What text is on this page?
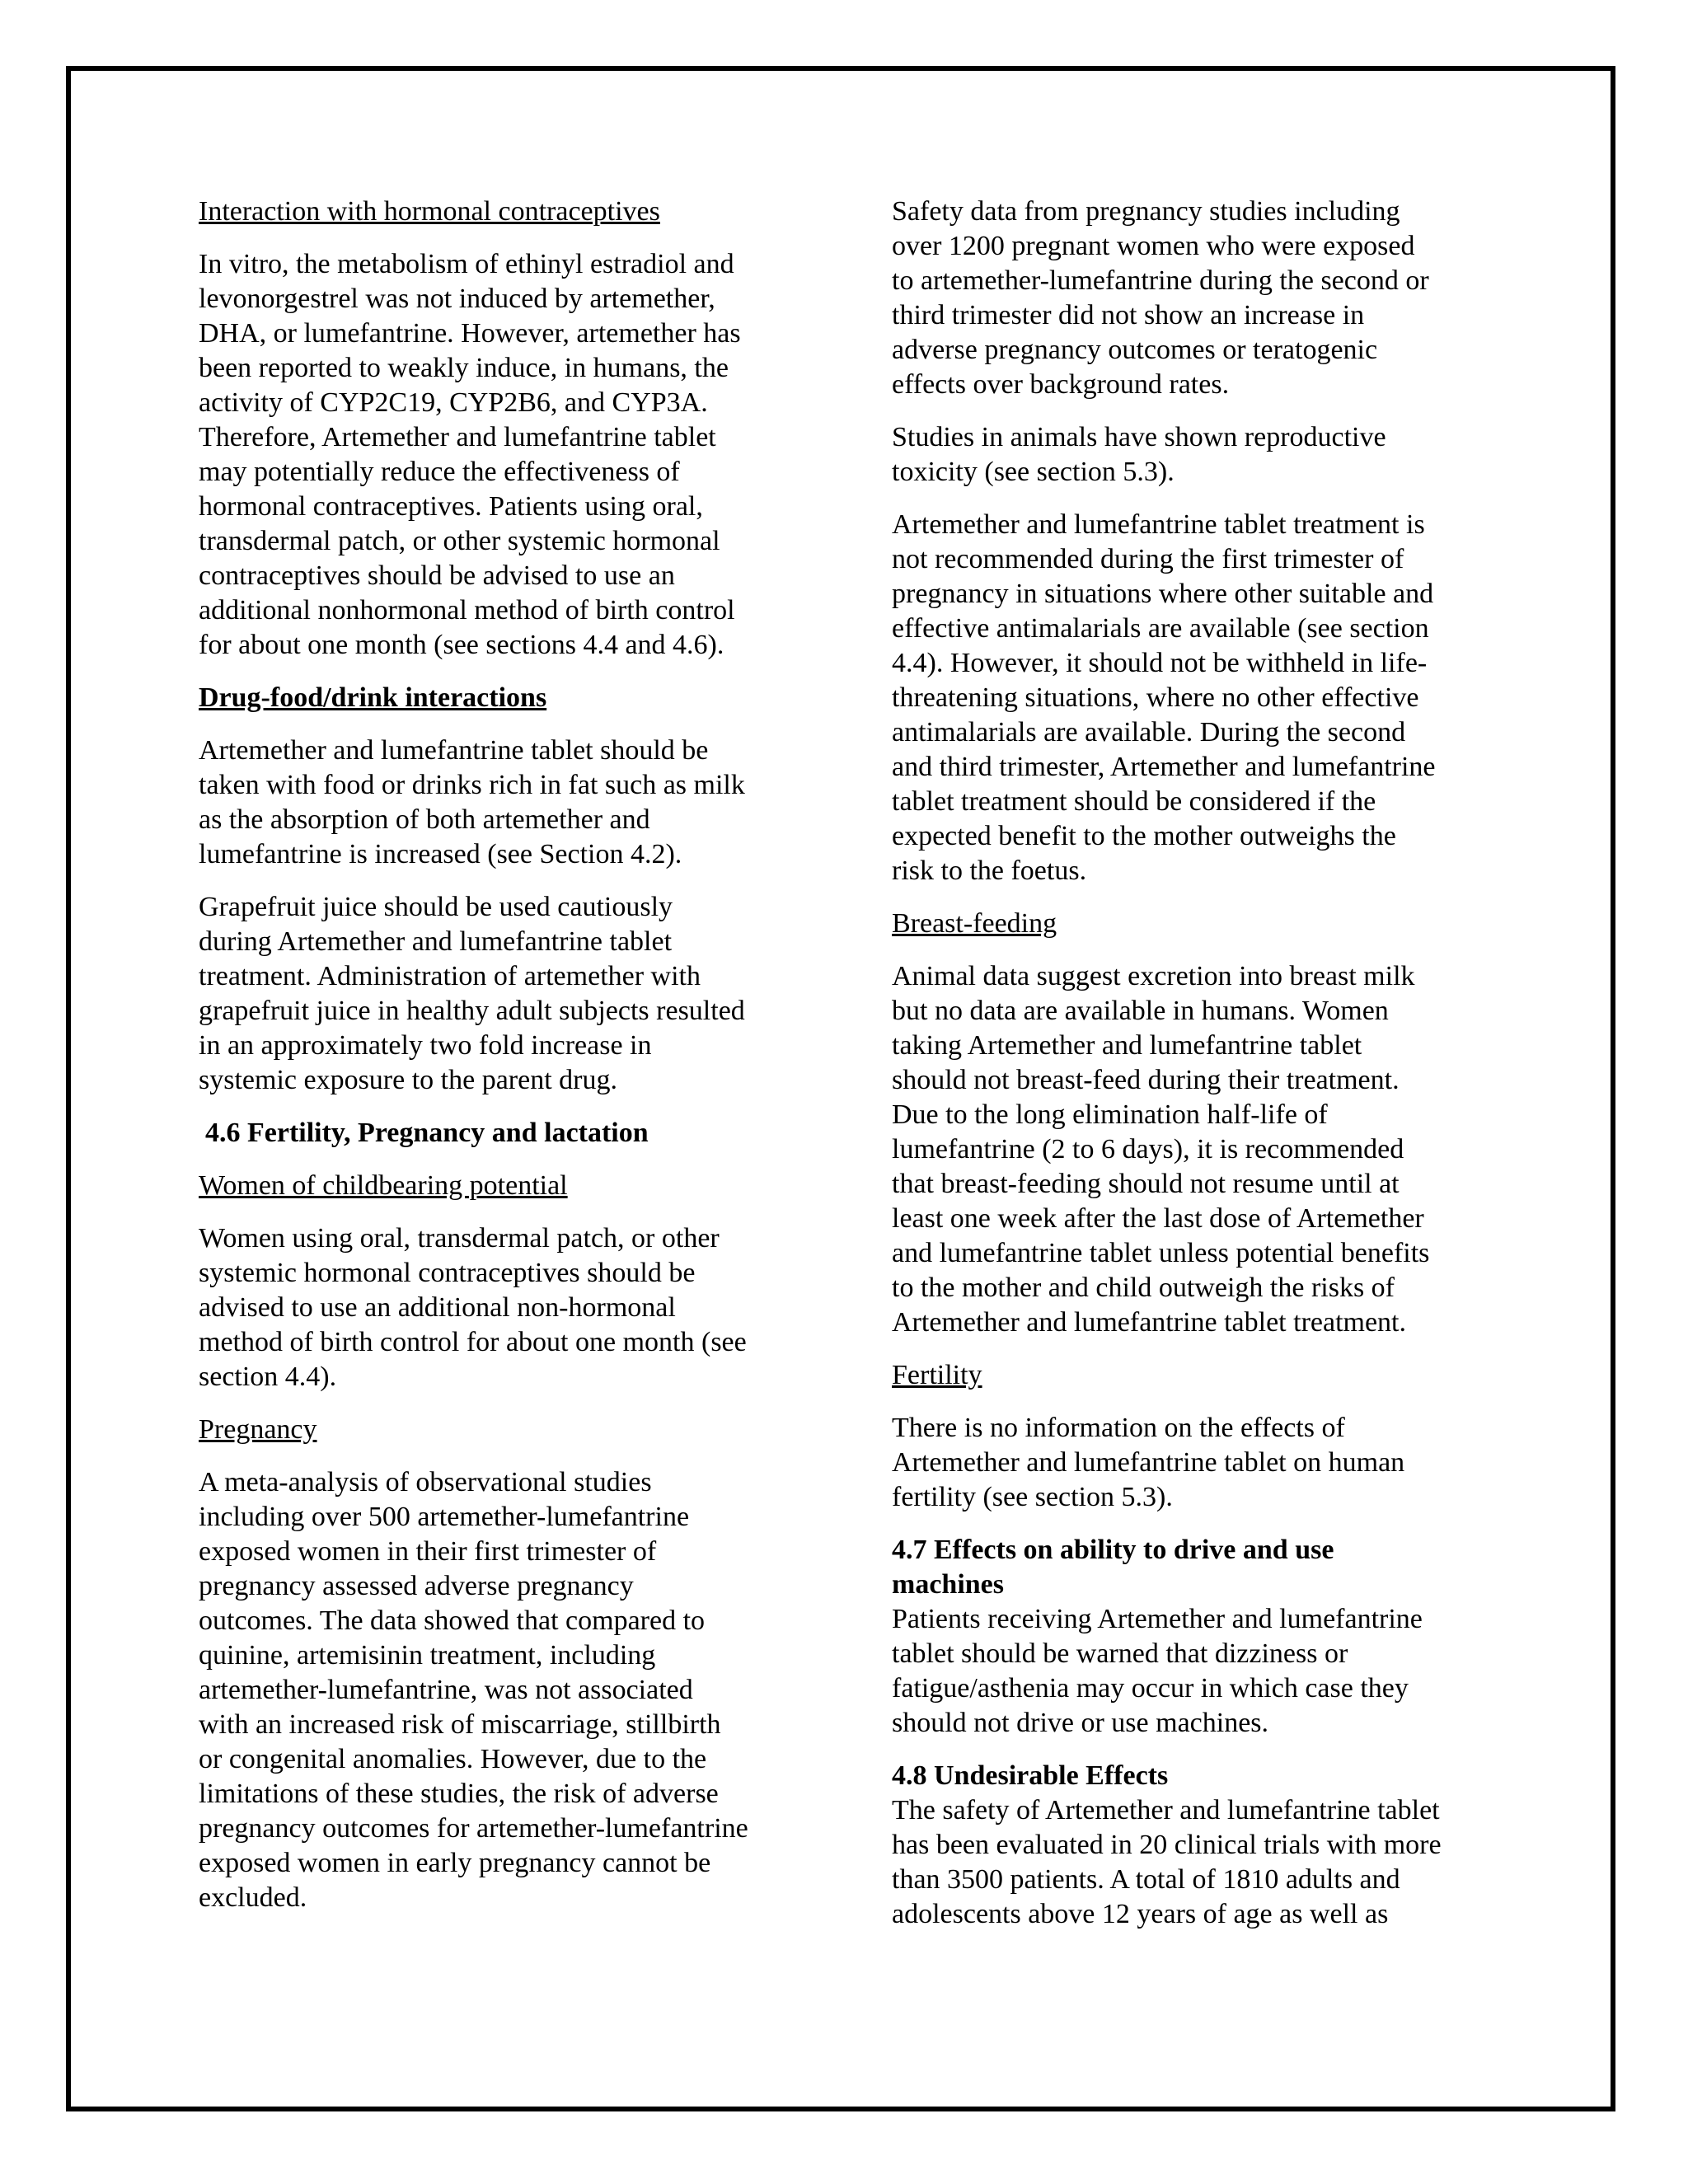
Interaction with hormonal contraceptives
In vitro, the metabolism of ethinyl estradiol and
levonorgestrel was not induced by artemether,
DHA, or lumefantrine. However, artemether has
been reported to weakly induce, in humans, the
activity of CYP2C19, CYP2B6, and CYP3A.
Therefore, Artemether and lumefantrine tablet
may potentially reduce the effectiveness of
hormonal contraceptives. Patients using oral,
transdermal patch, or other systemic hormonal
contraceptives should be advised to use an
additional nonhormonal method of birth control
for about one month (see sections 4.4 and 4.6).
Drug-food/drink interactions
Artemether and lumefantrine tablet should be
taken with food or drinks rich in fat such as milk
as the absorption of both artemether and
lumefantrine is increased (see Section 4.2).
Grapefruit juice should be used cautiously
during Artemether and lumefantrine tablet
treatment. Administration of artemether with
grapefruit juice in healthy adult subjects resulted
in an approximately two fold increase in
systemic exposure to the parent drug.
4.6 Fertility, Pregnancy and lactation
Women of childbearing potential
Women using oral, transdermal patch, or other
systemic hormonal contraceptives should be
advised to use an additional non-hormonal
method of birth control for about one month (see
section 4.4).
Pregnancy
A meta-analysis of observational studies
including over 500 artemether-lumefantrine
exposed women in their first trimester of
pregnancy assessed adverse pregnancy
outcomes. The data showed that compared to
quinine, artemisinin treatment, including
artemether-lumefantrine, was not associated
with an increased risk of miscarriage, stillbirth
or congenital anomalies. However, due to the
limitations of these studies, the risk of adverse
pregnancy outcomes for artemether-lumefantrine
exposed women in early pregnancy cannot be
excluded.
Safety data from pregnancy studies including
over 1200 pregnant women who were exposed
to artemether-lumefantrine during the second or
third trimester did not show an increase in
adverse pregnancy outcomes or teratogenic
effects over background rates.
Studies in animals have shown reproductive
toxicity (see section 5.3).
Artemether and lumefantrine tablet treatment is
not recommended during the first trimester of
pregnancy in situations where other suitable and
effective antimalarials are available (see section
4.4). However, it should not be withheld in life-
threatening situations, where no other effective
antimalarials are available. During the second
and third trimester, Artemether and lumefantrine
tablet treatment should be considered if the
expected benefit to the mother outweighs the
risk to the foetus.
Breast-feeding
Animal data suggest excretion into breast milk
but no data are available in humans. Women
taking Artemether and lumefantrine tablet
should not breast-feed during their treatment.
Due to the long elimination half-life of
lumefantrine (2 to 6 days), it is recommended
that breast-feeding should not resume until at
least one week after the last dose of Artemether
and lumefantrine tablet unless potential benefits
to the mother and child outweigh the risks of
Artemether and lumefantrine tablet treatment.
Fertility
There is no information on the effects of
Artemether and lumefantrine tablet on human
fertility (see section 5.3).
4.7 Effects on ability to drive and use
machines
Patients receiving Artemether and lumefantrine
tablet should be warned that dizziness or
fatigue/asthenia may occur in which case they
should not drive or use machines.
4.8 Undesirable Effects
The safety of Artemether and lumefantrine tablet
has been evaluated in 20 clinical trials with more
than 3500 patients. A total of 1810 adults and
adolescents above 12 years of age as well as
